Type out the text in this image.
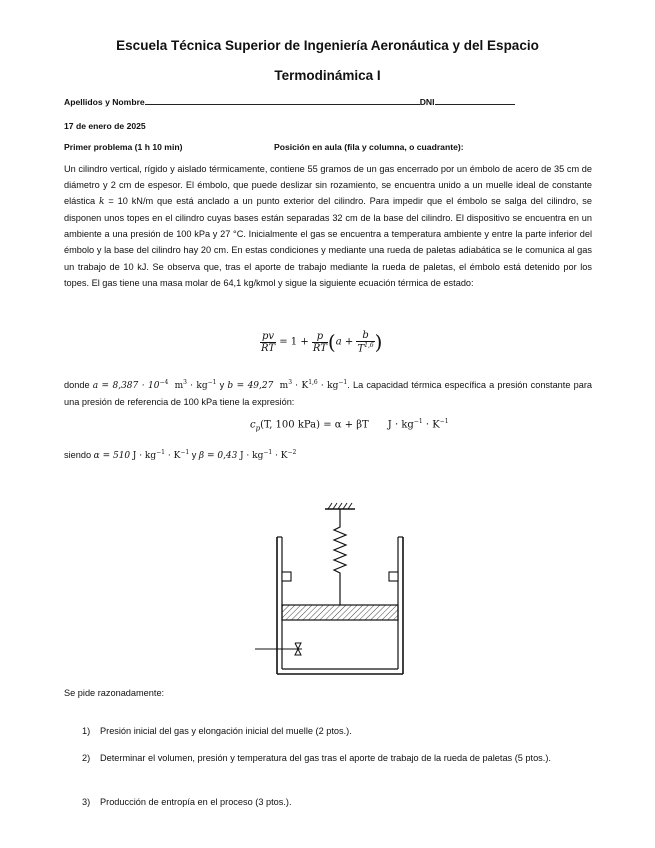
Escuela Técnica Superior de Ingeniería Aeronáutica y del Espacio
Termodinámica I
Apellidos y Nombre	DNI
17 de enero de 2025
Primer problema (1 h 10 min)	Posición en aula (fila y columna, o cuadrante):
Un cilindro vertical, rígido y aislado térmicamente, contiene 55 gramos de un gas encerrado por un émbolo de acero de 35 cm de diámetro y 2 cm de espesor. El émbolo, que puede deslizar sin rozamiento, se encuentra unido a un muelle ideal de constante elástica k = 10 kN/m que está anclado a un punto exterior del cilindro. Para impedir que el émbolo se salga del cilindro, se disponen unos topes en el cilindro cuyas bases están separadas 32 cm de la base del cilindro. El dispositivo se encuentra en un ambiente a una presión de 100 kPa y 27 °C. Inicialmente el gas se encuentra a temperatura ambiente y entre la parte inferior del émbolo y la base del cilindro hay 20 cm. En estas condiciones y mediante una rueda de paletas adiabática se le comunica al gas un trabajo de 10 kJ. Se observa que, tras el aporte de trabajo mediante la rueda de paletas, el émbolo está detenido por los topes. El gas tiene una masa molar de 64,1 kg/kmol y sigue la siguiente ecuación térmica de estado:
$\frac{pv}{RT} = 1 + \frac{p}{RT} (a + \frac{b}{T^{1,6}}$ )
donde $a = 8,387 \cdot 10^{-4}$ $m^3 \cdot kg^{-1}$ y b = 49,27 $m^3 \cdot K^{1,6} \cdot kg^{-1}$. La capacidad térmica específica a presión constante para una presión de referencia de 100 kPa tiene la expresión:
$c_p(T$, 100 kPa) = α + βT $J \cdot kg^{-1} \cdot K^{-1}$
siendo α = 510 $J \cdot kg^{-1} \cdot K^{-1}$ y β = 0,43 $J \cdot kg^{-1} \cdot K^{-2}$
Se pide razonadamente:
1) Presión inicial del gas y elongación inicial del muelle (2 ptos.).
2) Determinar el volumen, presión y temperatura del gas tras el aporte de trabajo de la rueda de paletas (5 ptos.).
3) Producción de entropía en el proceso (3 ptos.).
